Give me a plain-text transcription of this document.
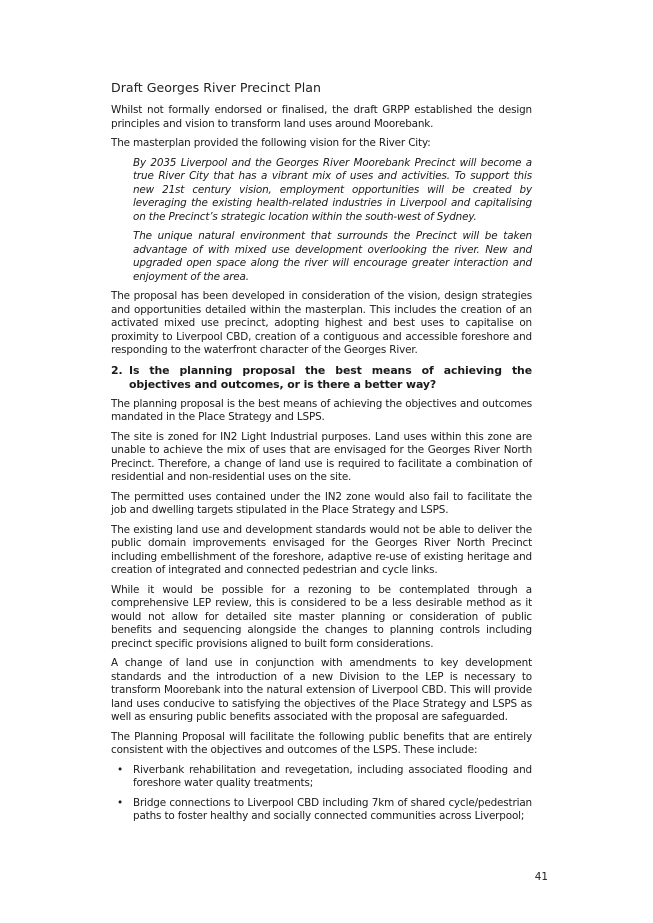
Draft Georges River Precinct Plan

Whilst not formally endorsed or finalised, the draft GRPP established the design principles and vision to transform land uses around Moorebank.

The masterplan provided the following vision for the River City:

By 2035 Liverpool and the Georges River Moorebank Precinct will become a true River City that has a vibrant mix of uses and activities. To support this new 21st century vision, employment opportunities will be created by leveraging the existing health-related industries in Liverpool and capitalising on the Precinct’s strategic location within the south-west of Sydney.

The unique natural environment that surrounds the Precinct will be taken advantage of with mixed use development overlooking the river. New and upgraded open space along the river will encourage greater interaction and enjoyment of the area.

The proposal has been developed in consideration of the vision, design strategies and opportunities detailed within the masterplan. This includes the creation of an activated mixed use precinct, adopting highest and best uses to capitalise on proximity to Liverpool CBD, creation of a contiguous and accessible foreshore and responding to the waterfront character of the Georges River.

2. Is the planning proposal the best means of achieving the objectives and outcomes, or is there a better way?

The planning proposal is the best means of achieving the objectives and outcomes mandated in the Place Strategy and LSPS.

The site is zoned for IN2 Light Industrial purposes. Land uses within this zone are unable to achieve the mix of uses that are envisaged for the Georges River North Precinct. Therefore, a change of land use is required to facilitate a combination of residential and non-residential uses on the site.

The permitted uses contained under the IN2 zone would also fail to facilitate the job and dwelling targets stipulated in the Place Strategy and LSPS.

The existing land use and development standards would not be able to deliver the public domain improvements envisaged for the Georges River North Precinct including embellishment of the foreshore, adaptive re-use of existing heritage and creation of integrated and connected pedestrian and cycle links.

While it would be possible for a rezoning to be contemplated through a comprehensive LEP review, this is considered to be a less desirable method as it would not allow for detailed site master planning or consideration of public benefits and sequencing alongside the changes to planning controls including precinct specific provisions aligned to built form considerations.

A change of land use in conjunction with amendments to key development standards and the introduction of a new Division to the LEP is necessary to transform Moorebank into the natural extension of Liverpool CBD. This will provide land uses conducive to satisfying the objectives of the Place Strategy and LSPS as well as ensuring public benefits associated with the proposal are safeguarded.

The Planning Proposal will facilitate the following public benefits that are entirely consistent with the objectives and outcomes of the LSPS. These include:

• Riverbank rehabilitation and revegetation, including associated flooding and foreshore water quality treatments;
• Bridge connections to Liverpool CBD including 7km of shared cycle/pedestrian paths to foster healthy and socially connected communities across Liverpool;
41
